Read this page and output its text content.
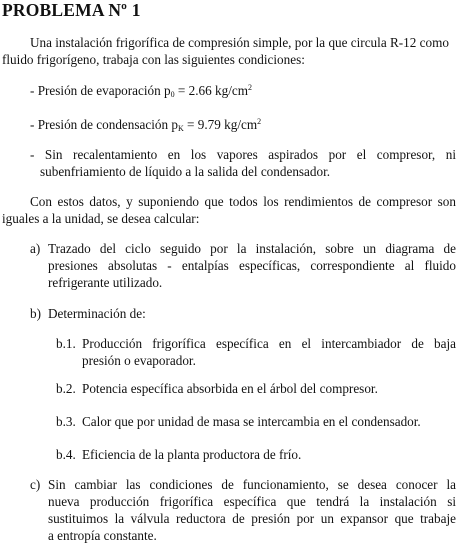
PROBLEMA Nº 1
Una instalación frigorífica de compresión simple, por la que circula R-12 como
fluido frigorígeno, trabaja con las siguientes condiciones:
- Presión de evaporación $p_0 = 2.66$ $kg/cm^2$
- Presión de condensación $p_K = 9.79$ $kg/cm^2$
- Sin recalentamiento en los vapores aspirados por el compresor, ni
subenfriamiento de líquido a la salida del condensador.
Con estos datos, y suponiendo que todos los rendimientos de compresor son
iguales a la unidad, se desea calcular:
a) Trazado del ciclo seguido por la instalación, sobre un diagrama de
presiones absolutas - entalpías específicas, correspondiente al fluido
refrigerante utilizado.
b) Determinación de:
b.1. Producción frigorífica específica en el intercambiador de baja
presión o evaporador.
b.2. Potencia específica absorbida en el árbol del compresor.
b.3. Calor que por unidad de masa se intercambia en el condensador.
b.4. Eficiencia de la planta productora de frío.
c) Sin cambiar las condiciones de funcionamiento, se desea conocer la
nueva producción frigorífica específica que tendrá la instalación si
sustituimos la válvula reductora de presión por un expansor que trabaje
a entropía constante.
